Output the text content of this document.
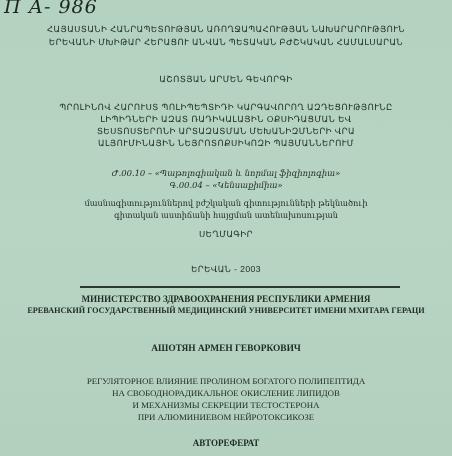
П А- 986
ՀԱՅԱՍՏԱՆԻ ՀԱՆՐԱՊԵՏՈՒԹՅԱՆ ԱՌՈՂՋԱՊԱՀՈՒԹՅԱՆ ՆԱԽԱՐԱՐՈՒԹՅՈՒՆ
ԵՐԵՎԱՆԻ ՄԽԻԹԱՐ ՀԵՐԱՑՈՒ ԱՆՎԱՆ ՊԵՏԱԿԱՆ ԲԺՇԿԱԿԱՆ ՀԱՄԱԼՍԱՐԱՆ
ԱՇՈՏՅԱՆ ԱՐՄԵՆ ԳԵՎՈՐԳԻ
ՊՐՈԼԻՆՈՎ ՀԱՐՈՒՍՏ ՊՈԼԻՊԵՊՏԻԴԻ ԿԱՐԳԱՎՈՐՈՂ ԱԶԴԵՑՈՒԹՅՈՒՆԸ
ԼԻՊԻԴՆԵՐԻ ԱԶԱՏ ՌԱԴԻԿԱԼԱՅԻՆ ՕՔՍԻԴԱՑՄԱՆ ԵՎ
ՏԵՍՏՈՍՏԵՐՈՆԻ ԱՐՏԱԶԱՏՄԱՆ ՄԵԽԱՆԻԶՄՆԵՐԻ ՎՐԱ
ԱԼՅՈՒՄԻՆԱՅԻՆ ՆԵՅՐՈՏՈՔՍԻԿՈԶԻ ՊԱՅՄԱՆՆԵՐՈՒՄ
Ժ.00.10 – «Պաթոլոգիական և նորմալ ֆիզիոլոգիա»
Գ.00.04 – «Կենսաքիմիա»
մասնագիտություններով բժշկական գիտությունների թեկնածուի
գիտական աստիճանի հայցման ատենախոսության
ՍԵՂՄԱԳԻՐ
ԵՐԵՎԱՆ - 2003
МИНИСТЕРСТВО ЗДРАВООХРАНЕНИЯ РЕСПУБЛИКИ АРМЕНИЯ
ЕРЕВАНСКИЙ ГОСУДАРСТВЕННЫЙ МЕДИЦИНСКИЙ УНИВЕРСИТЕТ ИМЕНИ МХИТАРА ГЕРАЦИ
АШОТЯН АРМЕН ГЕВОРКОВИЧ
РЕГУЛЯТОРНОЕ ВЛИЯНИЕ ПРОЛИНОМ БОГАТОГО ПОЛИПЕПТИДА
НА СВОБОДНОРАДИКАЛЬНОЕ ОКИСЛЕНИЕ ЛИПИДОВ
И МЕХАНИЗМЫ СЕКРЕЦИИ ТЕСТОСТЕРОНА
ПРИ АЛЮМИНИЕВОМ НЕЙРОТОКСИКОЗЕ
АВТОРЕФЕРАТ
